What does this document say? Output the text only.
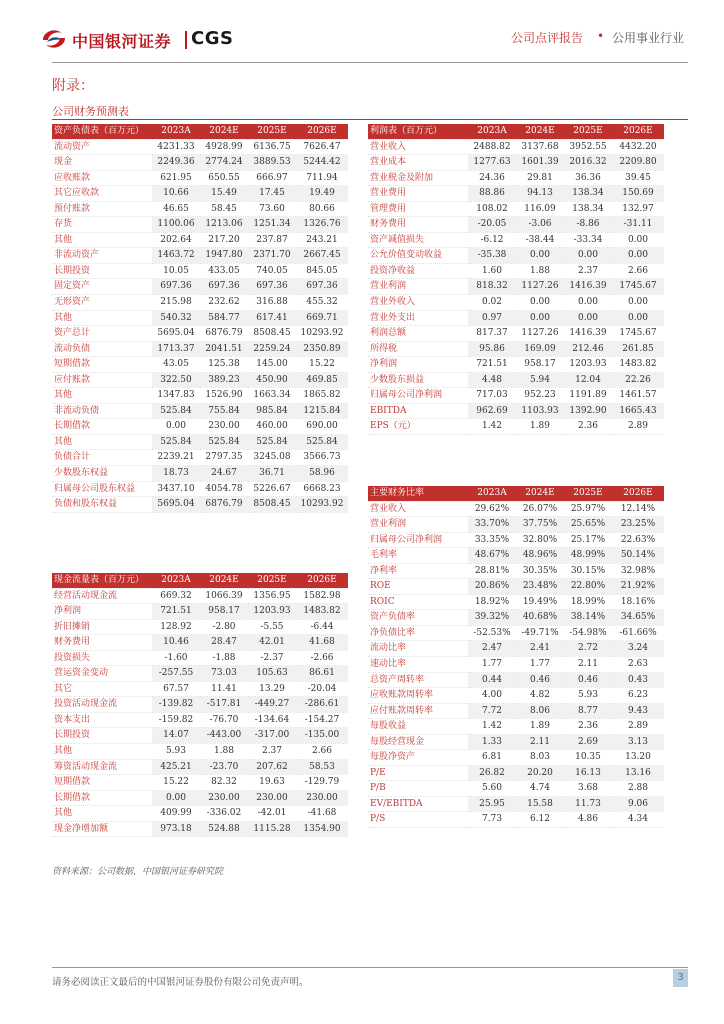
中国银河证券 CGS	公司点评报告 • 公用事业行业
附录：
公司财务预测表
资产负债表（百万元）	2023A	2024E	2025E	2026E
流动资产	4231.33	4928.99	6136.75	7626.47
现金	2249.36	2774.24	3889.53	5244.42
应收账款	621.95	650.55	666.97	711.94
其它应收款	10.66	15.49	17.45	19.49
预付账款	46.65	58.45	73.60	80.66
存货	1100.06	1213.06	1251.34	1326.76
其他	202.64	217.20	237.87	243.21
非流动资产	1463.72	1947.80	2371.70	2667.45
长期投资	10.05	433.05	740.05	845.05
固定资产	697.36	697.36	697.36	697.36
无形资产	215.98	232.62	316.88	455.32
其他	540.32	584.77	617.41	669.71
资产总计	5695.04	6876.79	8508.45	10293.92
流动负债	1713.37	2041.51	2259.24	2350.89
短期借款	43.05	125.38	145.00	15.22
应付账款	322.50	389.23	450.90	469.85
其他	1347.83	1526.90	1663.34	1865.82
非流动负债	525.84	755.84	985.84	1215.84
长期借款	0.00	230.00	460.00	690.00
其他	525.84	525.84	525.84	525.84
负债合计	2239.21	2797.35	3245.08	3566.73
少数股东权益	18.73	24.67	36.71	58.96
归属母公司股东权益	3437.10	4054.78	5226.67	6668.23
负债和股东权益	5695.04	6876.79	8508.45	10293.92
利润表（百万元）	2023A	2024E	2025E	2026E
营业收入	2488.82	3137.68	3952.55	4432.20
营业成本	1277.63	1601.39	2016.32	2209.80
营业税金及附加	24.36	29.81	36.36	39.45
营业费用	88.86	94.13	138.34	150.69
管理费用	108.02	116.09	138.34	132.97
财务费用	-20.05	-3.06	-8.86	-31.11
资产减值损失	-6.12	-38.44	-33.34	0.00
公允价值变动收益	-35.38	0.00	0.00	0.00
投资净收益	1.60	1.88	2.37	2.66
营业利润	818.32	1127.26	1416.39	1745.67
营业外收入	0.02	0.00	0.00	0.00
营业外支出	0.97	0.00	0.00	0.00
利润总额	817.37	1127.26	1416.39	1745.67
所得税	95.86	169.09	212.46	261.85
净利润	721.51	958.17	1203.93	1483.82
少数股东损益	4.48	5.94	12.04	22.26
归属母公司净利润	717.03	952.23	1191.89	1461.57
EBITDA	962.69	1103.93	1392.90	1665.43
EPS（元）	1.42	1.89	2.36	2.89
现金流量表（百万元）	2023A	2024E	2025E	2026E
经营活动现金流	669.32	1066.39	1356.95	1582.98
净利润	721.51	958.17	1203.93	1483.82
折旧摊销	128.92	-2.80	-5.55	-6.44
财务费用	10.46	28.47	42.01	41.68
投资损失	-1.60	-1.88	-2.37	-2.66
营运资金变动	-257.55	73.03	105.63	86.61
其它	67.57	11.41	13.29	-20.04
投资活动现金流	-139.82	-517.81	-449.27	-286.61
资本支出	-159.82	-76.70	-134.64	-154.27
长期投资	14.07	-443.00	-317.00	-135.00
其他	5.93	1.88	2.37	2.66
筹资活动现金流	425.21	-23.70	207.62	58.53
短期借款	15.22	82.32	19.63	-129.79
长期借款	0.00	230.00	230.00	230.00
其他	409.99	-336.02	-42.01	-41.68
现金净增加额	973.18	524.88	1115.28	1354.90
主要财务比率	2023A	2024E	2025E	2026E
营业收入	29.62%	26.07%	25.97%	12.14%
营业利润	33.70%	37.75%	25.65%	23.25%
归属母公司净利润	33.35%	32.80%	25.17%	22.63%
毛利率	48.67%	48.96%	48.99%	50.14%
净利率	28.81%	30.35%	30.15%	32.98%
ROE	20.86%	23.48%	22.80%	21.92%
ROIC	18.92%	19.49%	18.99%	18.16%
资产负债率	39.32%	40.68%	38.14%	34.65%
净负债比率	-52.53%	-49.71%	-54.98%	-61.66%
流动比率	2.47	2.41	2.72	3.24
速动比率	1.77	1.77	2.11	2.63
总资产周转率	0.44	0.46	0.46	0.43
应收账款周转率	4.00	4.82	5.93	6.23
应付账款周转率	7.72	8.06	8.77	9.43
每股收益	1.42	1.89	2.36	2.89
每股经营现金	1.33	2.11	2.69	3.13
每股净资产	6.81	8.03	10.35	13.20
P/E	26.82	20.20	16.13	13.16
P/B	5.60	4.74	3.68	2.88
EV/EBITDA	25.95	15.58	11.73	9.06
P/S	7.73	6.12	4.86	4.34
资料来源：公司数据，中国银河证券研究院
请务必阅读正文最后的中国银河证券股份有限公司免责声明。	3
